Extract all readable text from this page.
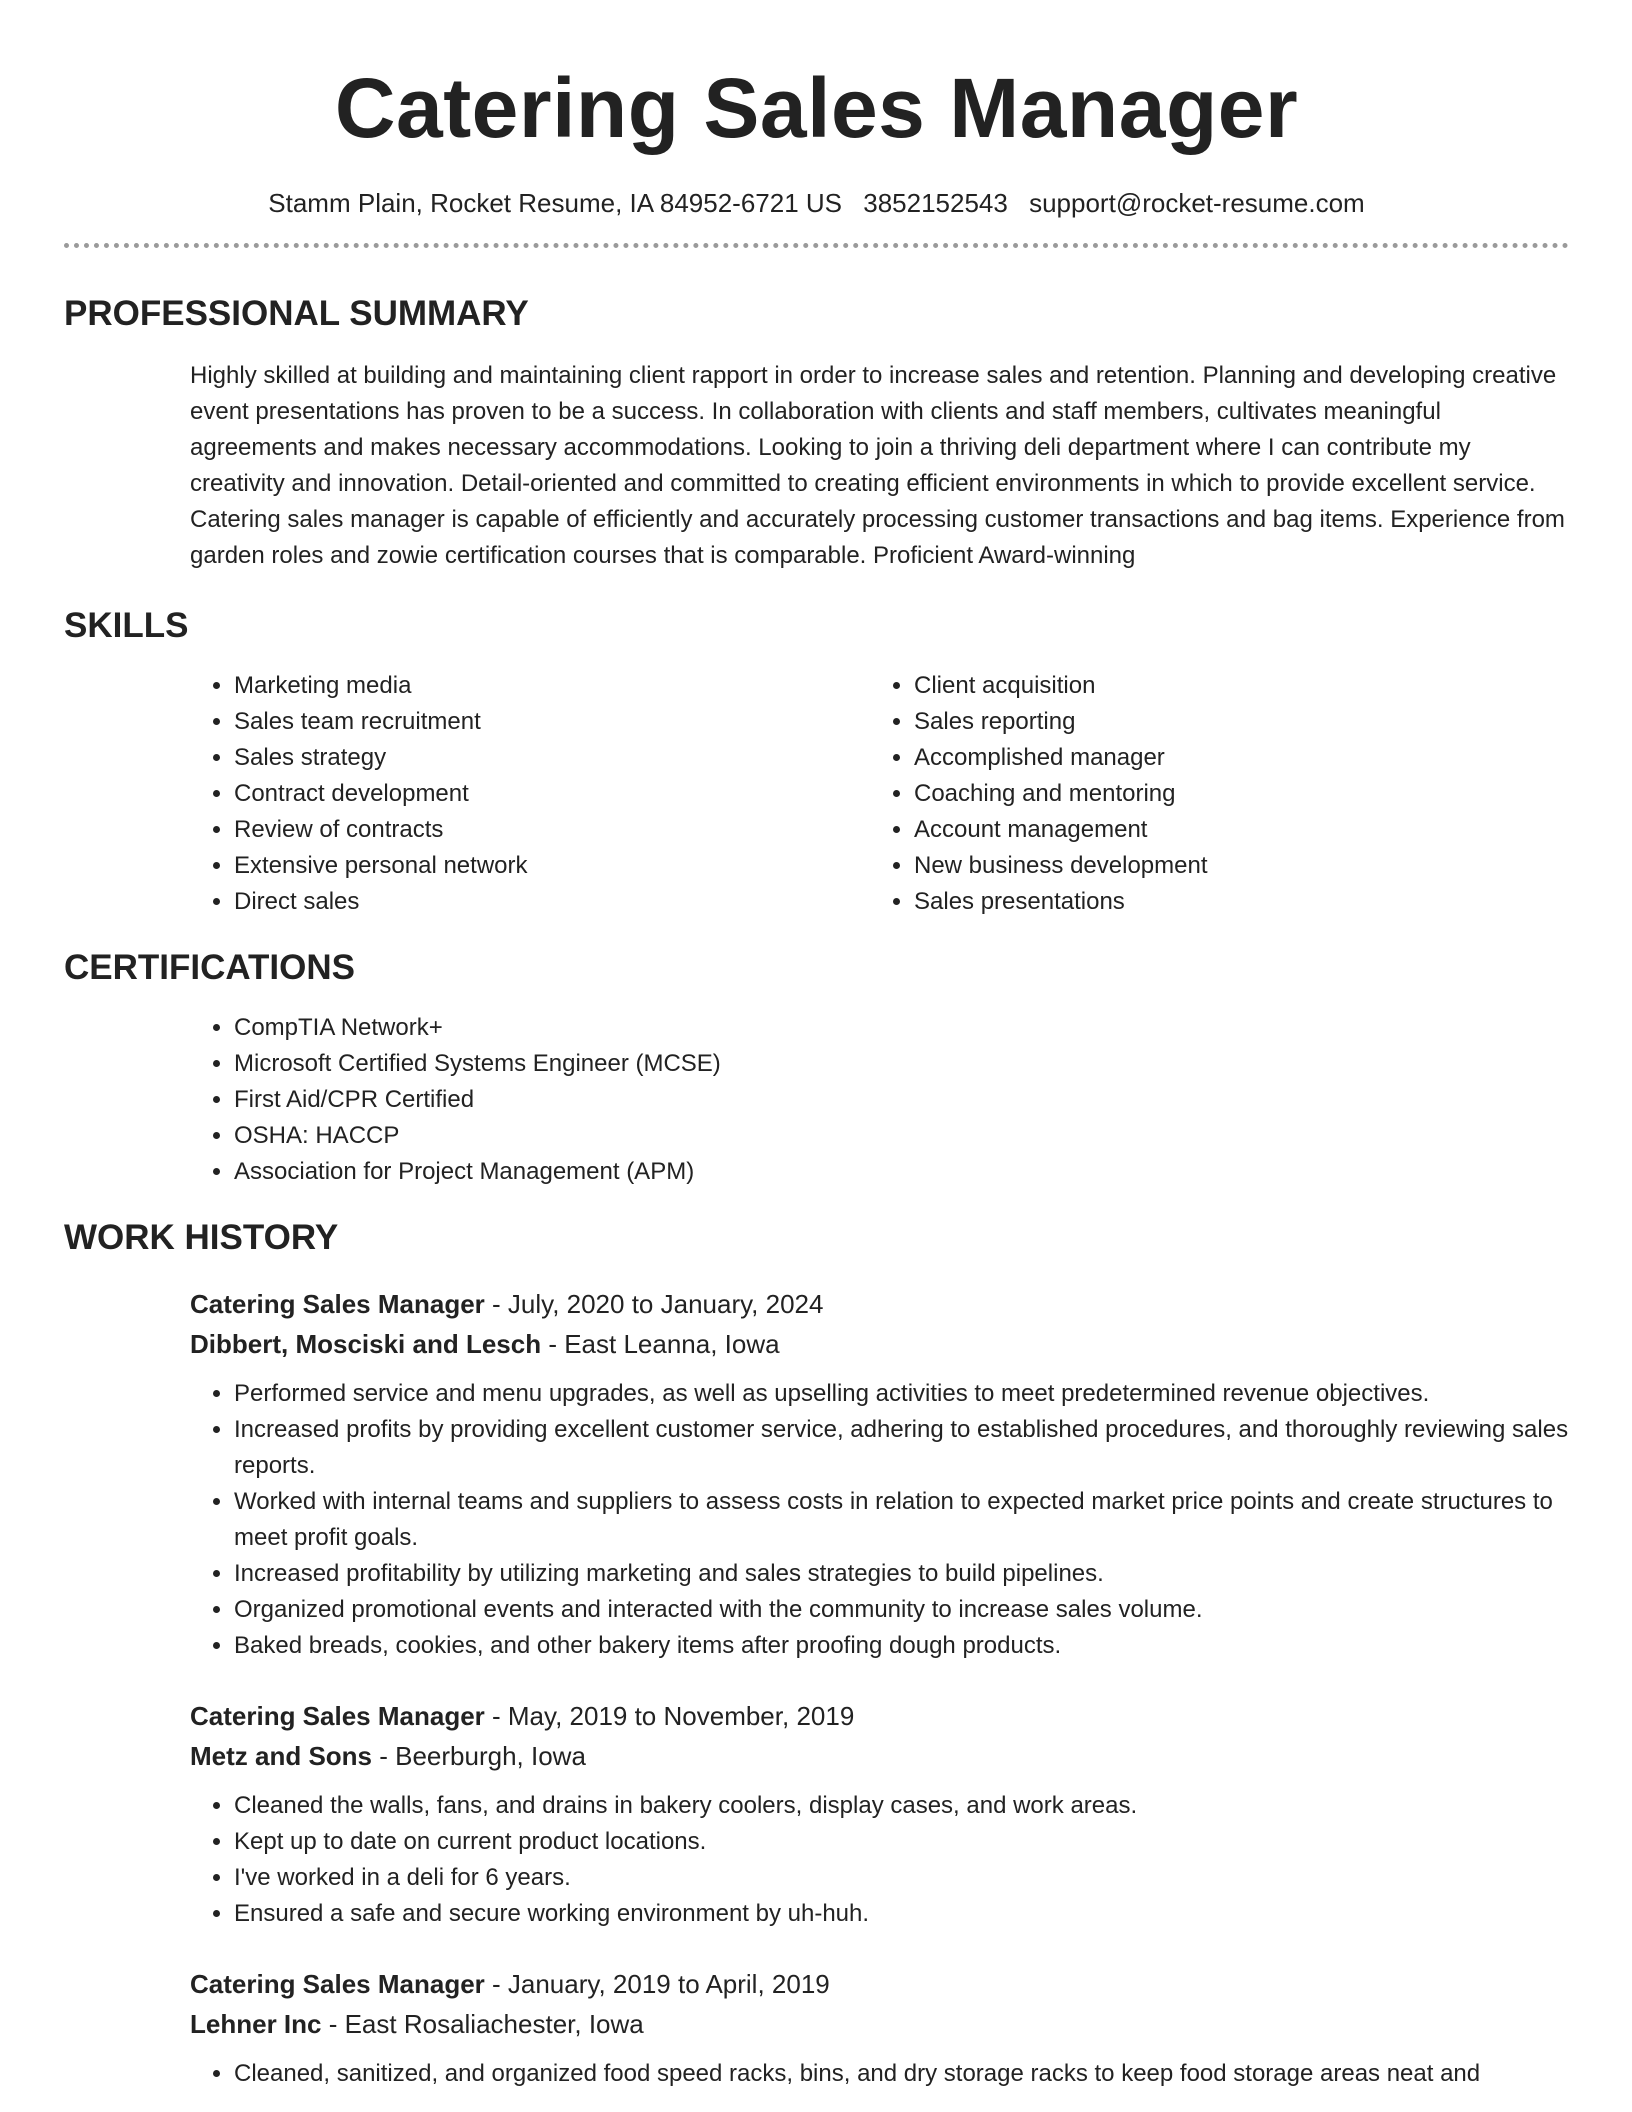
Catering Sales Manager
Stamm Plain, Rocket Resume, IA 84952-6721 US 3852152543 support@rocket-resume.com
PROFESSIONAL SUMMARY

Highly skilled at building and maintaining client rapport in order to increase sales and retention. Planning and developing creative event presentations has proven to be a success. In collaboration with clients and staff members, cultivates meaningful agreements and makes necessary accommodations. Looking to join a thriving deli department where I can contribute my creativity and innovation. Detail-oriented and committed to creating efficient environments in which to provide excellent service. Catering sales manager is capable of efficiently and accurately processing customer transactions and bag items. Experience from garden roles and zowie certification courses that is comparable. Proficient Award-winning

SKILLS
• Marketing media
• Sales team recruitment
• Sales strategy
• Contract development
• Review of contracts
• Extensive personal network
• Direct sales
• Client acquisition
• Sales reporting
• Accomplished manager
• Coaching and mentoring
• Account management
• New business development
• Sales presentations
CERTIFICATIONS
• CompTIA Network+
• Microsoft Certified Systems Engineer (MCSE)
• First Aid/CPR Certified
• OSHA: HACCP
• Association for Project Management (APM)
WORK HISTORY
Catering Sales Manager - July, 2020 to January, 2024
Dibbert, Mosciski and Lesch - East Leanna, Iowa
• Performed service and menu upgrades, as well as upselling activities to meet predetermined revenue objectives.
• Increased profits by providing excellent customer service, adhering to established procedures, and thoroughly reviewing sales reports.
• Worked with internal teams and suppliers to assess costs in relation to expected market price points and create structures to meet profit goals.
• Increased profitability by utilizing marketing and sales strategies to build pipelines.
• Organized promotional events and interacted with the community to increase sales volume.
• Baked breads, cookies, and other bakery items after proofing dough products.
Catering Sales Manager - May, 2019 to November, 2019
Metz and Sons - Beerburgh, Iowa
• Cleaned the walls, fans, and drains in bakery coolers, display cases, and work areas.
• Kept up to date on current product locations.
• I've worked in a deli for 6 years.
• Ensured a safe and secure working environment by uh-huh.
Catering Sales Manager - January, 2019 to April, 2019
Lehner Inc - East Rosaliachester, Iowa
• Cleaned, sanitized, and organized food speed racks, bins, and dry storage racks to keep food storage areas neat and
